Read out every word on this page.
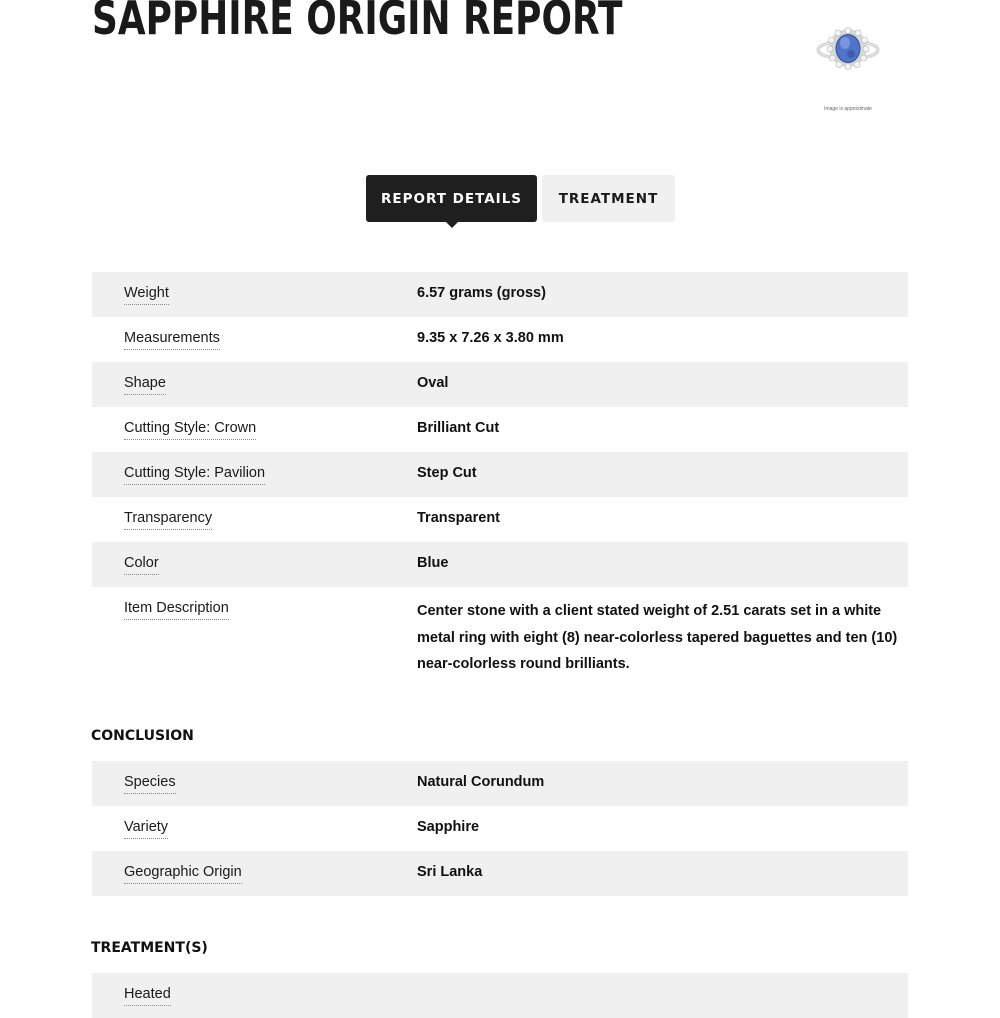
SAPPHIRE ORIGIN REPORT
Image is approximate
REPORT DETAILS	TREATMENT
Weight	6.57 grams (gross)
Measurements	9.35 x 7.26 x 3.80 mm
Shape	Oval
Cutting Style: Crown	Brilliant Cut
Cutting Style: Pavilion	Step Cut
Transparency	Transparent
Color	Blue
Item Description	Center stone with a client stated weight of 2.51 carats set in a white metal ring with eight (8) near-colorless tapered baguettes and ten (10) near-colorless round brilliants.
CONCLUSION
Species	Natural Corundum
Variety	Sapphire
Geographic Origin	Sri Lanka
TREATMENT(S)
Heated
